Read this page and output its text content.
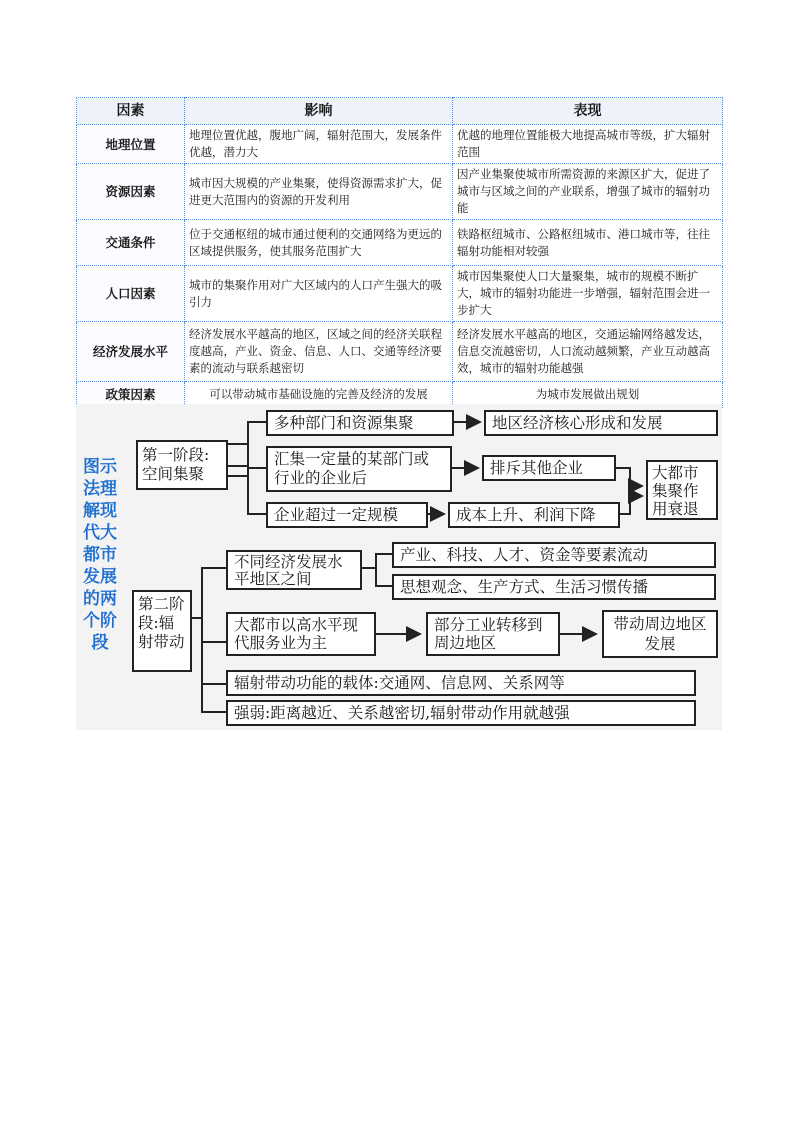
因素	影响	表现
地理位置	地理位置优越，腹地广阔，辐射范围大，发展条件优越，潜力大	优越的地理位置能极大地提高城市等级，扩大辐射范围
资源因素	城市因大规模的产业集聚，使得资源需求扩大，促进更大范围内的资源的开发利用	因产业集聚使城市所需资源的来源区扩大，促进了城市与区域之间的产业联系，增强了城市的辐射功能
交通条件	位于交通枢纽的城市通过便利的交通网络为更远的区域提供服务，使其服务范围扩大	铁路枢纽城市、公路枢纽城市、港口城市等，往往辐射功能相对较强
人口因素	城市的集聚作用对广大区域内的人口产生强大的吸引力	城市因集聚使人口大量聚集，城市的规模不断扩大，城市的辐射功能进一步增强，辐射范围会进一步扩大
经济发展水平	经济发展水平越高的地区，区域之间的经济关联程度越高，产业、资金、信息、人口、交通等经济要素的流动与联系越密切	经济发展水平越高的地区，交通运输网络越发达，信息交流越密切，人口流动越频繁，产业互动越高效，城市的辐射功能越强
政策因素	可以带动城市基础设施的完善及经济的发展	为城市发展做出规划
图示法理解现代大都市发展的两个阶段
第一阶段:空间集聚
多种部门和资源集聚	地区经济核心形成和发展
汇集一定量的某部门或行业的企业后
排斥其他企业
企业超过一定规模	成本上升、利润下降
大都市集聚作用衰退
第二阶段:辐射带动
不同经济发展水平地区之间
产业、科技、人才、资金等要素流动
思想观念、生产方式、生活习惯传播
大都市以高水平现代服务业为主
部分工业转移到周边地区
带动周边地区发展
辐射带动功能的载体:交通网、信息网、关系网等
强弱:距离越近、关系越密切,辐射带动作用就越强
